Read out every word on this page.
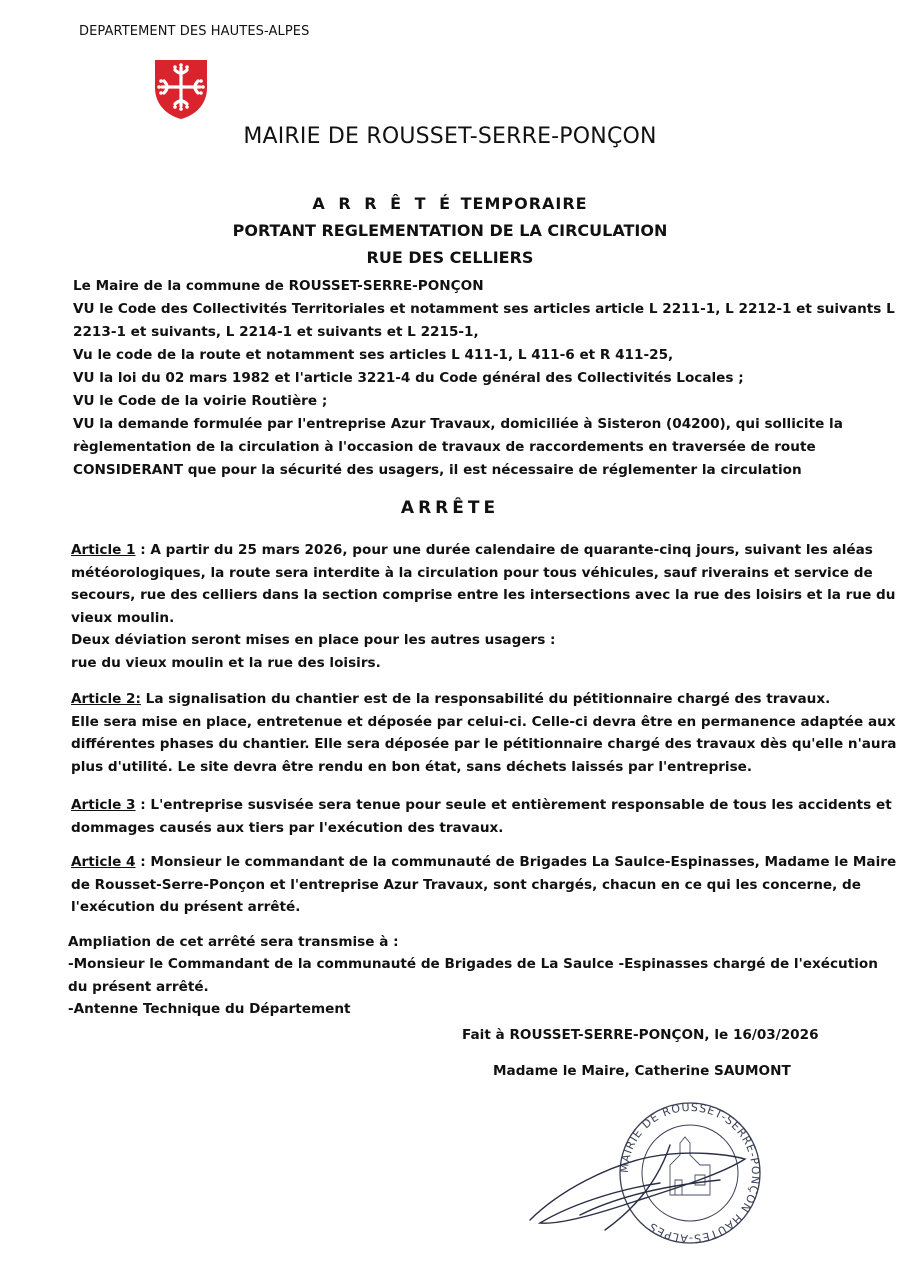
DEPARTEMENT DES HAUTES-ALPES
MAIRIE DE ROUSSET-SERRE-PONÇON
A R R Ê T É TEMPORAIRE
PORTANT REGLEMENTATION DE LA CIRCULATION
RUE DES CELLIERS
Le Maire de la commune de ROUSSET-SERRE-PONÇON
VU le Code des Collectivités Territoriales et notamment ses articles article L 2211-1, L 2212-1 et suivants L
2213-1 et suivants, L 2214-1 et suivants et L 2215-1,
Vu le code de la route et notamment ses articles L 411-1, L 411-6 et R 411-25,
VU la loi du 02 mars 1982 et l'article 3221-4 du Code général des Collectivités Locales ;
VU le Code de la voirie Routière ;
VU la demande formulée par l'entreprise Azur Travaux, domiciliée à Sisteron (04200), qui sollicite la
règlementation de la circulation à l'occasion de travaux de raccordements en traversée de route
CONSIDERANT que pour la sécurité des usagers, il est nécessaire de réglementer la circulation
ARRÊTE
Article 1 : A partir du 25 mars 2026, pour une durée calendaire de quarante-cinq jours, suivant les aléas
météorologiques, la route sera interdite à la circulation pour tous véhicules, sauf riverains et service de
secours, rue des celliers dans la section comprise entre les intersections avec la rue des loisirs et la rue du
vieux moulin.
Deux déviation seront mises en place pour les autres usagers :
rue du vieux moulin et la rue des loisirs.
Article 2: La signalisation du chantier est de la responsabilité du pétitionnaire chargé des travaux.
Elle sera mise en place, entretenue et déposée par celui-ci. Celle-ci devra être en permanence adaptée aux
différentes phases du chantier. Elle sera déposée par le pétitionnaire chargé des travaux dès qu'elle n'aura
plus d'utilité. Le site devra être rendu en bon état, sans déchets laissés par l'entreprise.
Article 3 : L'entreprise susvisée sera tenue pour seule et entièrement responsable de tous les accidents et
dommages causés aux tiers par l'exécution des travaux.
Article 4 : Monsieur le commandant de la communauté de Brigades La Saulce-Espinasses, Madame le Maire
de Rousset-Serre-Ponçon et l'entreprise Azur Travaux, sont chargés, chacun en ce qui les concerne, de
l'exécution du présent arrêté.
Ampliation de cet arrêté sera transmise à :
-Monsieur le Commandant de la communauté de Brigades de La Saulce -Espinasses chargé de l'exécution
du présent arrêté.
-Antenne Technique du Département
Fait à ROUSSET-SERRE-PONÇON, le 16/03/2026
Madame le Maire, Catherine SAUMONT
MAIRIE DE ROUSSET-SERRE-PONÇON HAUTES-ALPES
